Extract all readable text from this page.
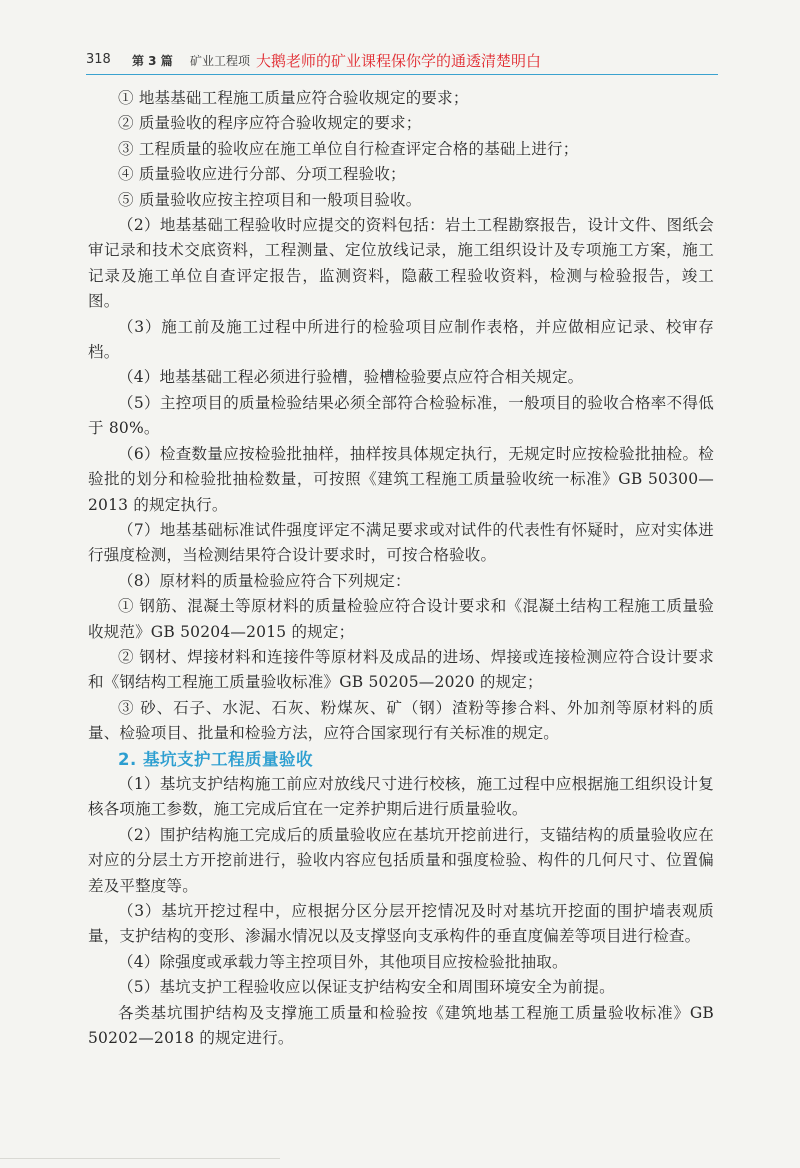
318 第 3 篇 矿业工程项 大鹅老师的矿业课程保你学的通透清楚明白

① 地基基础工程施工质量应符合验收规定的要求；

② 质量验收的程序应符合验收规定的要求；

③ 工程质量的验收应在施工单位自行检查评定合格的基础上进行；

④ 质量验收应进行分部、分项工程验收；

⑤ 质量验收应按主控项目和一般项目验收。

（2）地基基础工程验收时应提交的资料包括：岩土工程勘察报告，设计文件、图纸会审记录和技术交底资料，工程测量、定位放线记录，施工组织设计及专项施工方案，施工记录及施工单位自查评定报告，监测资料，隐蔽工程验收资料，检测与检验报告，竣工图。

（3）施工前及施工过程中所进行的检验项目应制作表格，并应做相应记录、校审存档。

（4）地基基础工程必须进行验槽，验槽检验要点应符合相关规定。

（5）主控项目的质量检验结果必须全部符合检验标准，一般项目的验收合格率不得低于 80%。

（6）检查数量应按检验批抽样，抽样按具体规定执行，无规定时应按检验批抽检。检验批的划分和检验批抽检数量，可按照《建筑工程施工质量验收统一标准》GB 50300—2013 的规定执行。

（7）地基基础标准试件强度评定不满足要求或对试件的代表性有怀疑时，应对实体进行强度检测，当检测结果符合设计要求时，可按合格验收。

（8）原材料的质量检验应符合下列规定：

① 钢筋、混凝土等原材料的质量检验应符合设计要求和《混凝土结构工程施工质量验收规范》GB 50204—2015 的规定；

② 钢材、焊接材料和连接件等原材料及成品的进场、焊接或连接检测应符合设计要求和《钢结构工程施工质量验收标准》GB 50205—2020 的规定；

③ 砂、石子、水泥、石灰、粉煤灰、矿（钢）渣粉等掺合料、外加剂等原材料的质量、检验项目、批量和检验方法，应符合国家现行有关标准的规定。

2. 基坑支护工程质量验收

（1）基坑支护结构施工前应对放线尺寸进行校核，施工过程中应根据施工组织设计复核各项施工参数，施工完成后宜在一定养护期后进行质量验收。

（2）围护结构施工完成后的质量验收应在基坑开挖前进行，支锚结构的质量验收应在对应的分层土方开挖前进行，验收内容应包括质量和强度检验、构件的几何尺寸、位置偏差及平整度等。

（3）基坑开挖过程中，应根据分区分层开挖情况及时对基坑开挖面的围护墙表观质量，支护结构的变形、渗漏水情况以及支撑竖向支承构件的垂直度偏差等项目进行检查。

（4）除强度或承载力等主控项目外，其他项目应按检验批抽取。

（5）基坑支护工程验收应以保证支护结构安全和周围环境安全为前提。

各类基坑围护结构及支撑施工质量和检验按《建筑地基工程施工质量验收标准》GB 50202—2018 的规定进行。
